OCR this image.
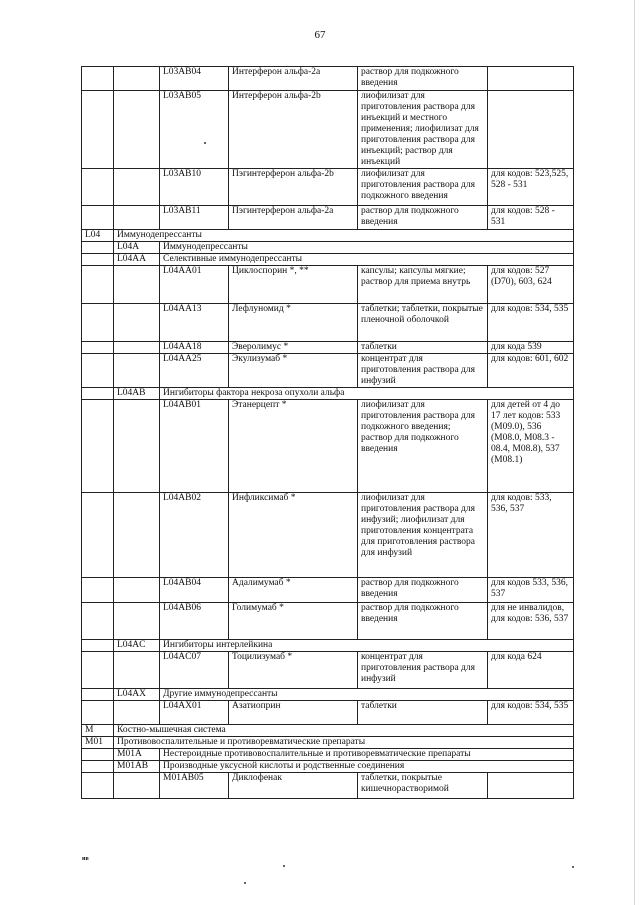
67
		L03AB04	Интерферон альфа-2а	раствор для подкожного введения	
		L03AB05	Интерферон альфа-2b	лиофилизат для приготовления раствора для инъекций и местного применения; лиофилизат для приготовления раствора для инъекций; раствор для инъекций	
		L03AB10	Пэгинтерферон альфа-2b	лиофилизат для приготовления раствора для подкожного введения	для кодов: 523,525, 528 - 531
		L03AB11	Пэгинтерферон альфа-2а	раствор для подкожного введения	для кодов: 528 - 531
L04	Иммунодепрессанты				
	L04A	Иммунодепрессанты			
	L04AA	Селективные иммунодепрессанты			
		L04AA01	Циклоспорин *, **	капсулы; капсулы мягкие; раствор для приема внутрь	для кодов: 527 (D70), 603, 624
		L04AA13	Лефлуномид *	таблетки; таблетки, покрытые пленочной оболочкой	для кодов: 534, 535
		L04AA18	Эверолимус *	таблетки	для кода 539
		L04AA25	Экулизумаб *	концентрат для приготовления раствора для инфузий	для кодов: 601, 602
	L04AB	Ингибиторы фактора некроза опухоли альфа			
		L04AB01	Этанерцепт *	лиофилизат для приготовления раствора для подкожного введения; раствор для подкожного введения	для детей от 4 до 17 лет кодов: 533 (M09.0), 536 (M08.0, M08.3 - 08.4, M08.8), 537 (M08.1)
		L04AB02	Инфликсимаб *	лиофилизат для приготовления раствора для инфузий; лиофилизат для приготовления концентрата для приготовления раствора для инфузий	для кодов: 533, 536, 537
		L04AB04	Адалимумаб *	раствор для подкожного введения	для кодов 533, 536, 537
		L04AB06	Голимумаб *	раствор для подкожного введения	для не инвалидов, для кодов: 536, 537
	L04AC	Ингибиторы интерлейкина			
		L04AC07	Тоцилизумаб *	концентрат для приготовления раствора для инфузий	для кода 624
	L04AX	Другие иммунодепрессанты			
		L04AX01	Азатиоприн	таблетки	для кодов: 534, 535
M	Костно-мышечная система				
M01	Противовоспалительные и противоревматические препараты				
	M01A	Нестероидные противовоспалительные и противоревматические препараты			
	M01AB	Производные уксусной кислоты и родственные соединения			
		M01AB05	Диклофенак	таблетки, покрытые кишечнорастворимой	
ив
